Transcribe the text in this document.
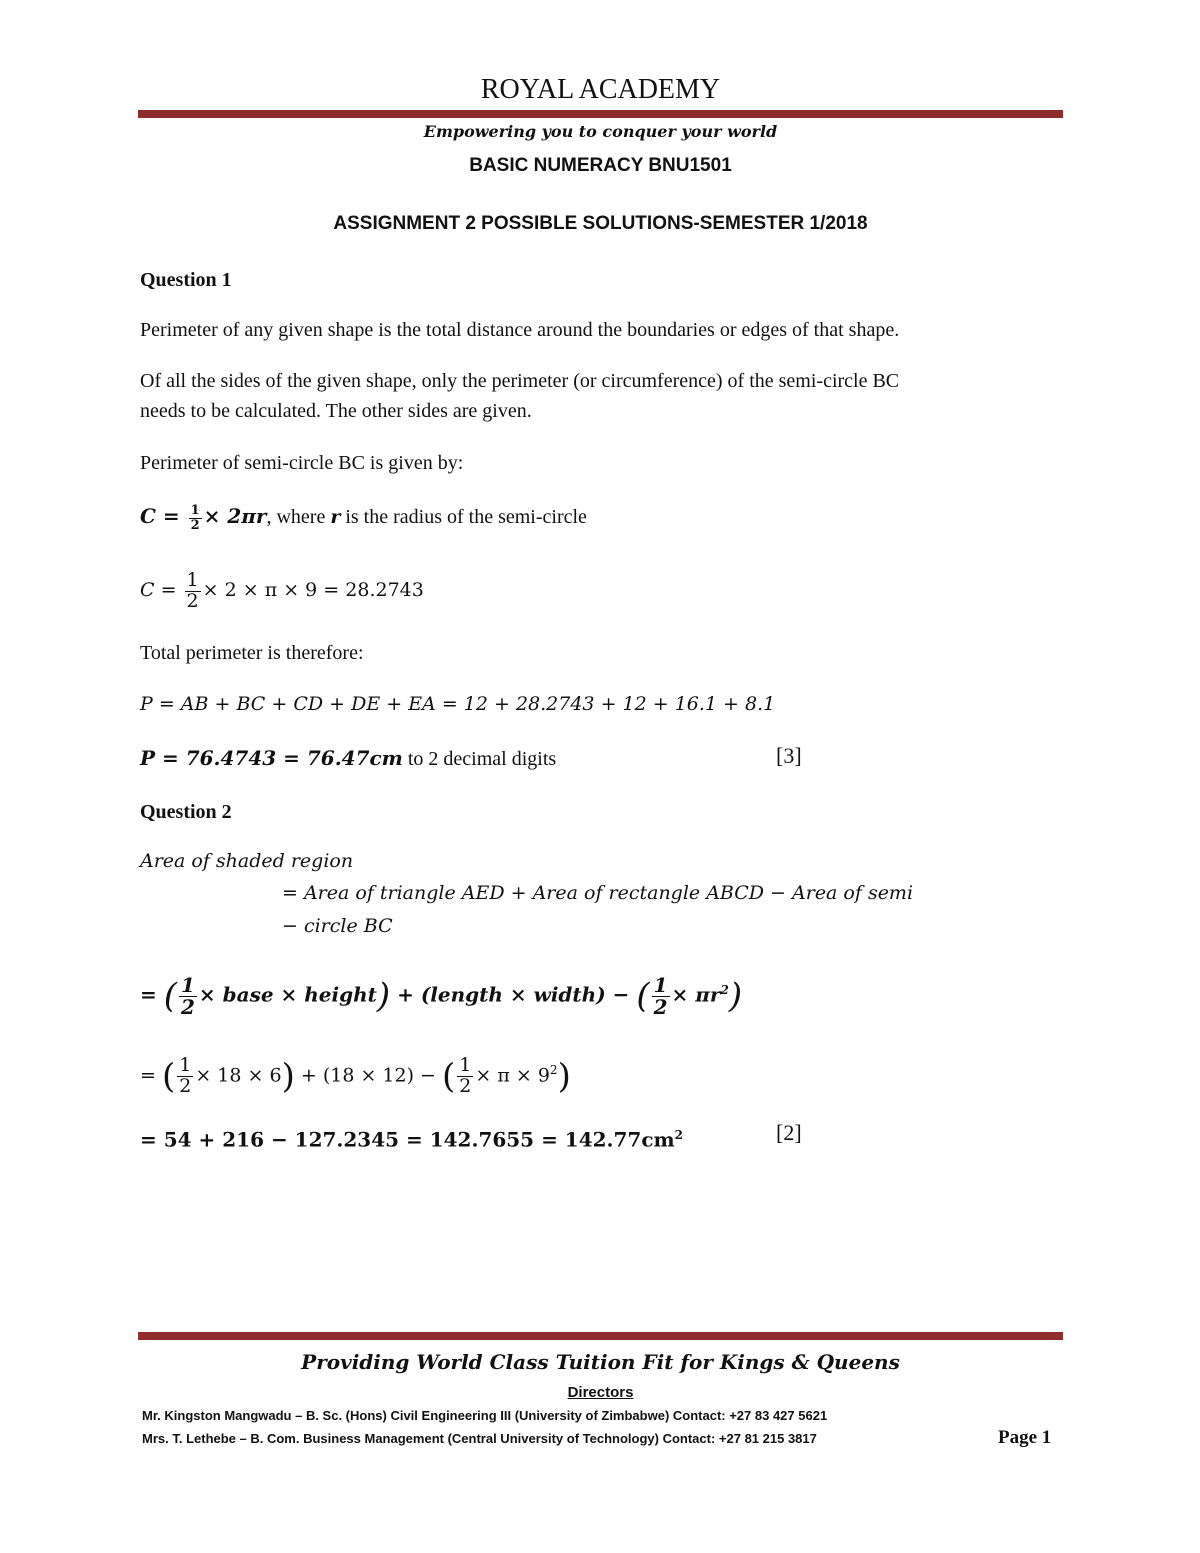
ROYAL ACADEMY
Empowering you to conquer your world
BASIC NUMERACY BNU1501
ASSIGNMENT 2 POSSIBLE SOLUTIONS-SEMESTER 1/2018
Question 1
Perimeter of any given shape is the total distance around the boundaries or edges of that shape.
Of all the sides of the given shape, only the perimeter (or circumference) of the semi-circle BC
needs to be calculated. The other sides are given.
Perimeter of semi-circle BC is given by:
$C = \frac{1}{2} \times 2\pi r$, where r is the radius of the semi-circle
$C = \frac{1}{2} \times 2 \times \pi \times 9 = 28.2743$
Total perimeter is therefore:
P = AB + BC + CD + DE + EA = 12 + 28.2743 + 12 + 16.1 + 8.1
P = 76.4743 = 76.47cm to 2 decimal digits	[3]
Question 2
Area of shaded region
= Area of triangle AED + Area of rectangle ABCD − Area of semi
− circle BC
= ( $\frac{1}{2}$ × base × height) + (length × width) − ( $\frac{1}{2} \times \pi r^2$)
= ( $\frac{1}{2} \times 18 \times 6) + (18 \times 12)$ − ( $\frac{1}{2} \times \pi \times 9^2$)
= $54 + 216 - 127.2345 = 142.7655 = 142.77cm^2$	[2]
Providing World Class Tuition Fit for Kings & Queens
Directors
Mr. Kingston Mangwadu – B. Sc. (Hons) Civil Engineering III (University of Zimbabwe) Contact: +27 83 427 5621
Mrs. T. Lethebe – B. Com. Business Management (Central University of Technology) Contact: +27 81 215 3817	Page 1
